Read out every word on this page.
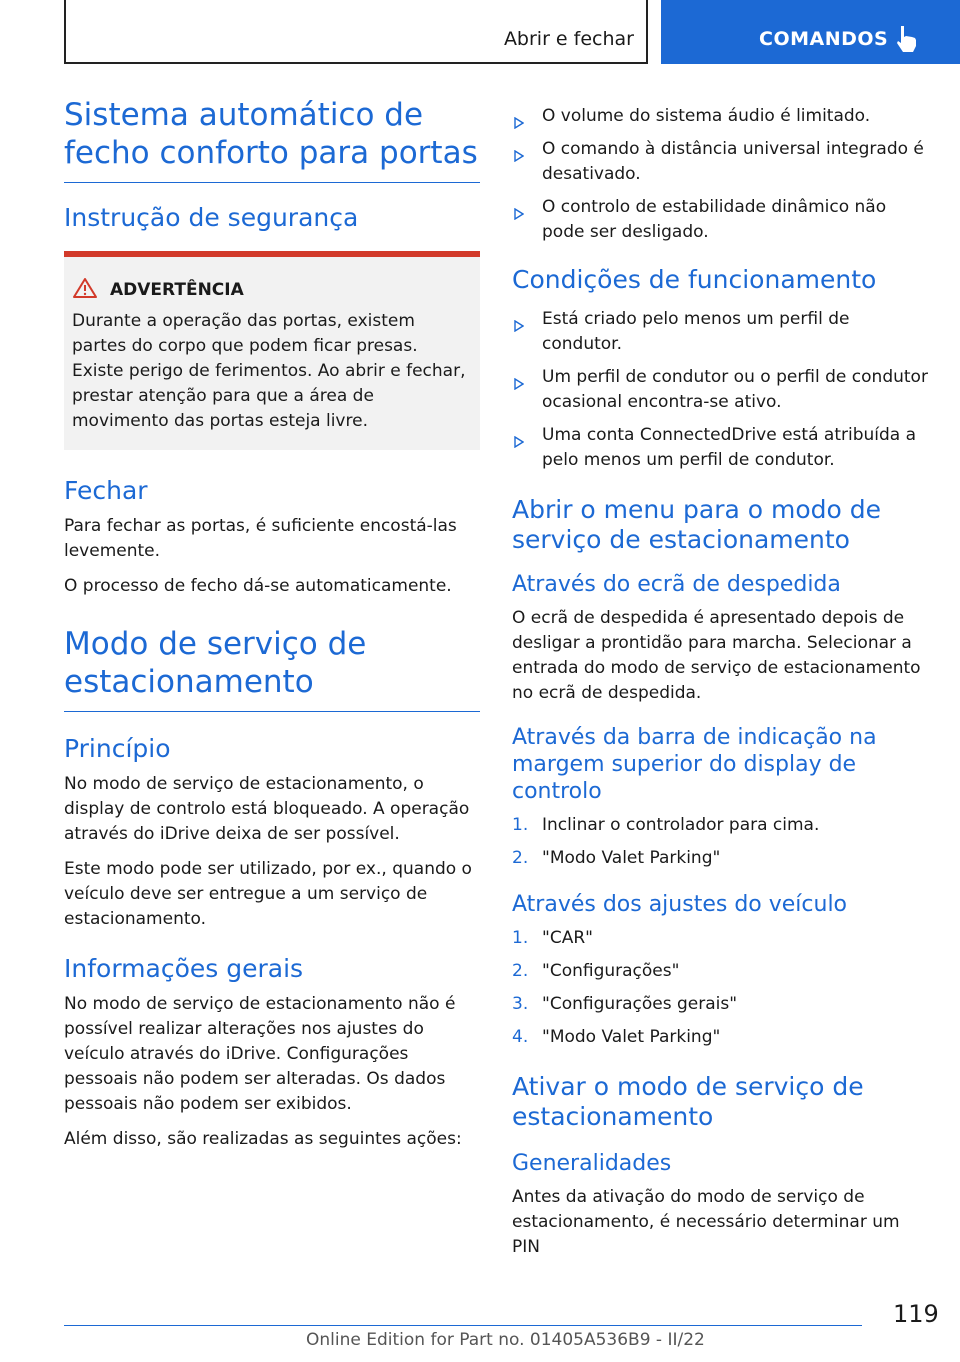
Abrir e fechar	COMANDOS
Sistema automático de fecho conforto para portas
Instrução de segurança
ADVERTÊNCIA

Durante a operação das portas, existem partes do corpo que podem ficar presas. Existe perigo de ferimentos. Ao abrir e fechar, prestar atenção para que a área de movimento das portas esteja livre.

Fechar

Para fechar as portas, é suficiente encostá-las levemente.

O processo de fecho dá-se automaticamente.

Modo de serviço de estacionamento
Princípio

No modo de serviço de estacionamento, o display de controlo está bloqueado. A operação através do iDrive deixa de ser possível.

Este modo pode ser utilizado, por ex., quando o veículo deve ser entregue a um serviço de estacionamento.

Informações gerais

No modo de serviço de estacionamento não é possível realizar alterações nos ajustes do veículo através do iDrive. Configurações pessoais não podem ser alteradas. Os dados pessoais não podem ser exibidos.

Além disso, são realizadas as seguintes ações:

O volume do sistema áudio é limitado.
O comando à distância universal integrado é desativado.
O controlo de estabilidade dinâmico não pode ser desligado.
Condições de funcionamento
Está criado pelo menos um perfil de condutor.
Um perfil de condutor ou o perfil de condutor ocasional encontra-se ativo.
Uma conta ConnectedDrive está atribuída a pelo menos um perfil de condutor.
Abrir o menu para o modo de serviço de estacionamento
Através do ecrã de despedida

O ecrã de despedida é apresentado depois de desligar a prontidão para marcha. Selecionar a entrada do modo de serviço de estacionamento no ecrã de despedida.

Através da barra de indicação na margem superior do display de controlo
1. Inclinar o controlador para cima.
2. "Modo Valet Parking"
Através dos ajustes do veículo
1. "CAR"
2. "Configurações"
3. "Configurações gerais"
4. "Modo Valet Parking"
Ativar o modo de serviço de estacionamento
Generalidades

Antes da ativação do modo de serviço de estacionamento, é necessário determinar um PIN

119
Online Edition for Part no. 01405A536B9 - II/22
